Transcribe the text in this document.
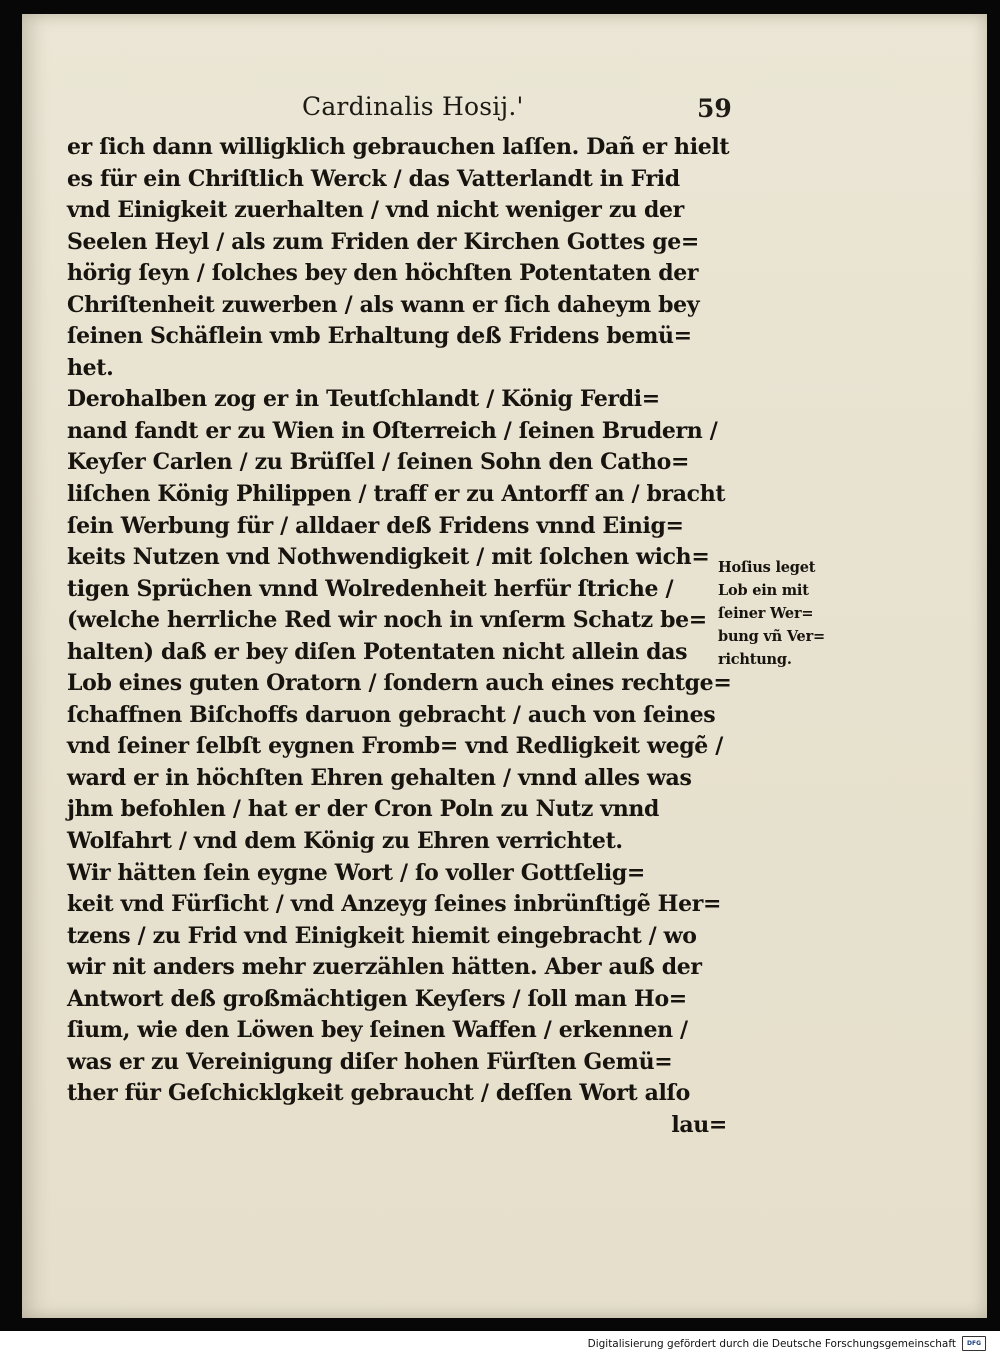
Cardinalis Hosij.'	59
er ſich dann willigklich gebrauchen laſſen. Dañ er hielt
es für ein Chriſtlich Werck / das Vatterlandt in Frid
vnd Einigkeit zuerhalten / vnd nicht weniger zu der
Seelen Heyl / als zum Friden der Kirchen Gottes ge=
hörig ſeyn / ſolches bey den höchſten Potentaten der
Chriſtenheit zuwerben / als wann er ſich daheym bey
ſeinen Schäflein vmb Erhaltung deß Fridens bemü=
het.
Derohalben zog er in Teutſchlandt / König Ferdi=
nand fandt er zu Wien in Oſterreich / ſeinen Brudern /
Keyſer Carlen / zu Brüſſel / ſeinen Sohn den Catho=
liſchen König Philippen / traff er zu Antorff an / bracht
ſein Werbung für / alldaer deß Fridens vnnd Einig=
keits Nutzen vnd Nothwendigkeit / mit ſolchen wich=
tigen Sprüchen vnnd Wolredenheit herfür ſtriche /
(welche herrliche Red wir noch in vnſerm Schatz be=
halten) daß er bey diſen Potentaten nicht allein das
Lob eines guten Oratorn / ſondern auch eines rechtge=
ſchaffnen Biſchoffs daruon gebracht / auch von ſeines
vnd ſeiner ſelbſt eygnen Fromb= vnd Redligkeit wegẽ /
ward er in höchſten Ehren gehalten / vnnd alles was
jhm befohlen / hat er der Cron Poln zu Nutz vnnd
Wolfahrt / vnd dem König zu Ehren verrichtet.
Wir hätten ſein eygne Wort / ſo voller Gottſelig=
keit vnd Fürſicht / vnd Anzeyg ſeines inbrünſtigẽ Her=
tzens / zu Frid vnd Einigkeit hiemit eingebracht / wo
wir nit anders mehr zuerzählen hätten. Aber auß der
Antwort deß großmächtigen Keyſers / ſoll man Ho=
ſium, wie den Löwen bey ſeinen Waffen / erkennen /
was er zu Vereinigung diſer hohen Fürſten Gemü=
ther für Geſchicklgkeit gebraucht / deſſen Wort alſo
lau=
Hoſius leget
Lob ein mit
ſeiner Wer=
bung vñ Ver=
richtung.
Digitalisierung gefördert durch die Deutsche Forschungsgemeinschaft	DFG
